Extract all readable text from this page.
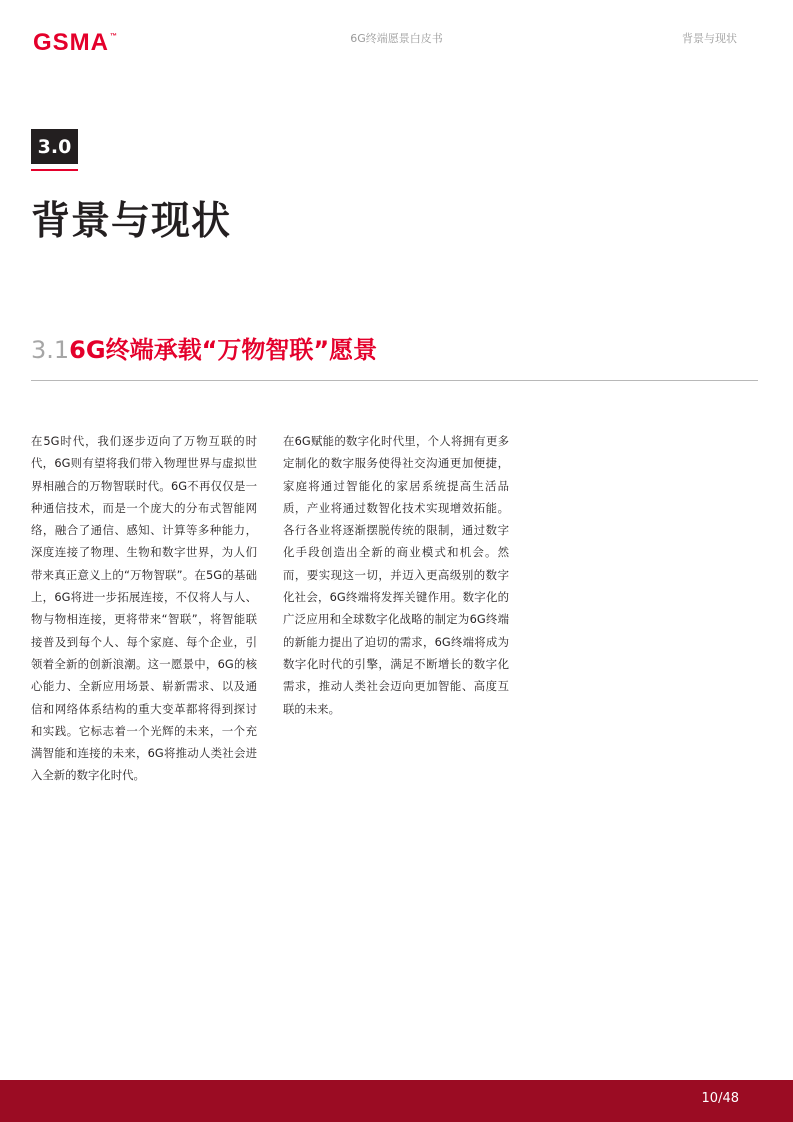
GSMA™	6G终端愿景白皮书	背景与现状
3.0
背景与现状
3.16G终端承载“万物智联”愿景
在5G时代，我们逐步迈向了万物互联的时代，6G则有望将我们带入物理世界与虚拟世界相融合的万物智联时代。6G不再仅仅是一种通信技术，而是一个庞大的分布式智能网络，融合了通信、感知、计算等多种能力，深度连接了物理、生物和数字世界，为人们带来真正意义上的“万物智联”。在5G的基础上，6G将进一步拓展连接，不仅将人与人、物与物相连接，更将带来“智联”，将智能联接普及到每个人、每个家庭、每个企业，引领着全新的创新浪潮。这一愿景中，6G的核心能力、全新应用场景、崭新需求、以及通信和网络体系结构的重大变革都将得到探讨和实践。它标志着一个光辉的未来，一个充满智能和连接的未来，6G将推动人类社会进入全新的数字化时代。
在6G赋能的数字化时代里，个人将拥有更多定制化的数字服务使得社交沟通更加便捷，家庭将通过智能化的家居系统提高生活品质，产业将通过数智化技术实现增效拓能。各行各业将逐渐摆脱传统的限制，通过数字化手段创造出全新的商业模式和机会。然而，要实现这一切，并迈入更高级别的数字化社会，6G终端将发挥关键作用。数字化的广泛应用和全球数字化战略的制定为6G终端的新能力提出了迫切的需求，6G终端将成为数字化时代的引擎，满足不断增长的数字化需求，推动人类社会迈向更加智能、高度互联的未来。
10/48
